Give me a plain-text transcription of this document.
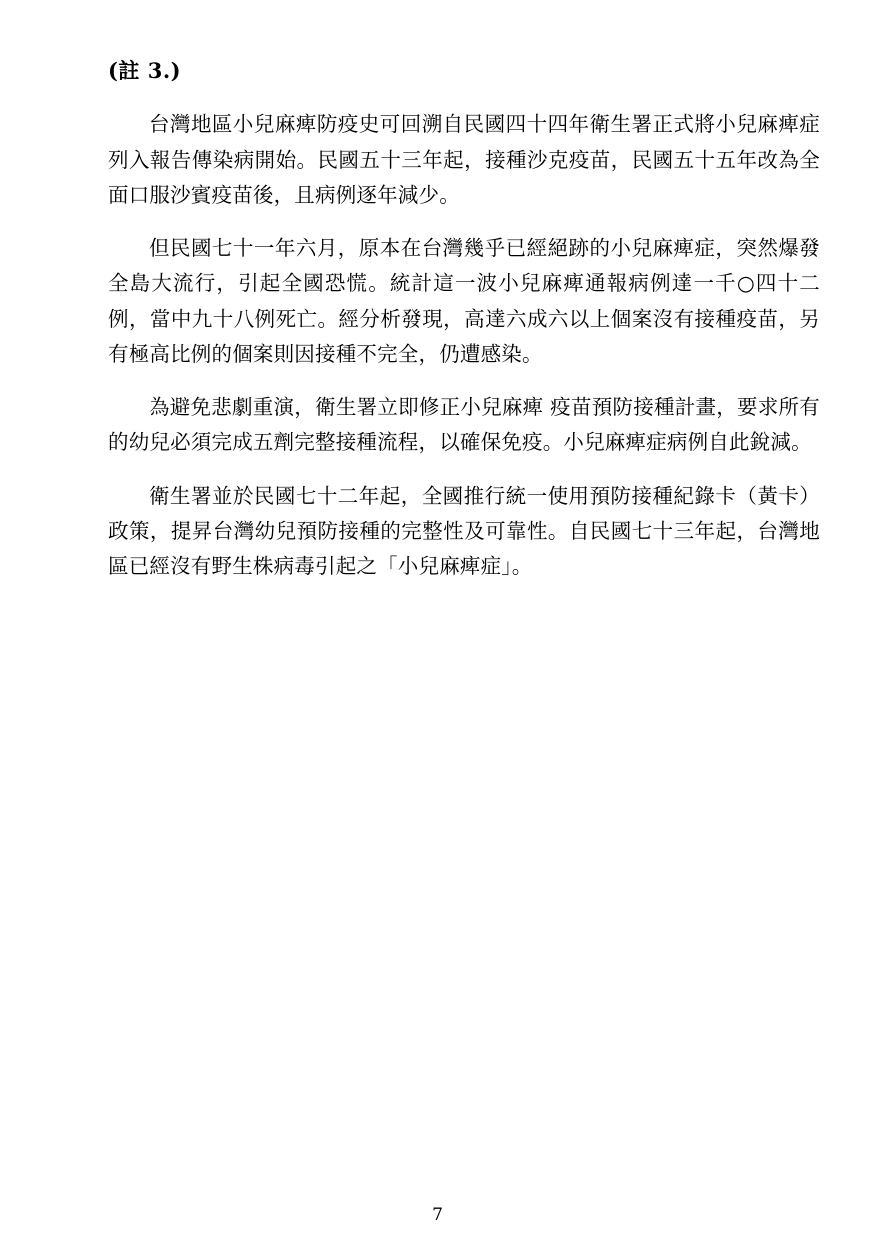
(註 3.)

台灣地區小兒麻痺防疫史可回溯自民國四十四年衛生署正式將小兒麻痺症列入報告傳染病開始。民國五十三年起，接種沙克疫苗，民國五十五年改為全面口服沙賓疫苗後，且病例逐年減少。

但民國七十一年六月，原本在台灣幾乎已經絕跡的小兒麻痺症，突然爆發全島大流行，引起全國恐慌。統計這一波小兒麻痺通報病例達一千○四十二例，當中九十八例死亡。經分析發現，高達六成六以上個案沒有接種疫苗，另有極高比例的個案則因接種不完全，仍遭感染。

為避免悲劇重演，衛生署立即修正小兒麻痺 疫苗預防接種計畫，要求所有的幼兒必須完成五劑完整接種流程，以確保免疫。小兒麻痺症病例自此銳減。

衛生署並於民國七十二年起，全國推行統一使用預防接種紀錄卡（黃卡）政策，提昇台灣幼兒預防接種的完整性及可靠性。自民國七十三年起，台灣地區已經沒有野生株病毒引起之「小兒麻痺症」。

7
